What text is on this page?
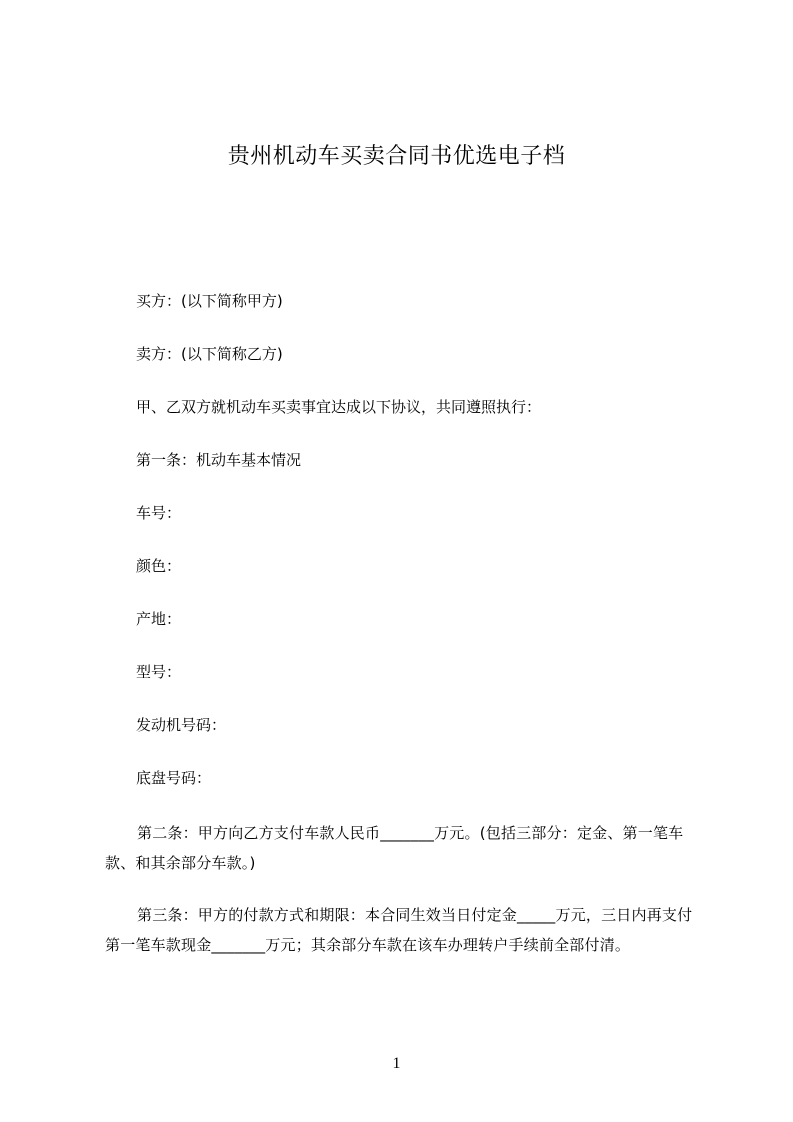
贵州机动车买卖合同书优选电子档

买方：(以下简称甲方)

卖方：(以下简称乙方)

甲、乙双方就机动车买卖事宜达成以下协议，共同遵照执行：

第一条：机动车基本情况

车号：

颜色：

产地：

型号：

发动机号码：

底盘号码：

第二条：甲方向乙方支付车款人民币_______万元。(包括三部分：定金、第一笔车款、和其余部分车款。)

第三条：甲方的付款方式和期限：本合同生效当日付定金_____万元，三日内再支付第一笔车款现金_______万元；其余部分车款在该车办理转户手续前全部付清。

1
